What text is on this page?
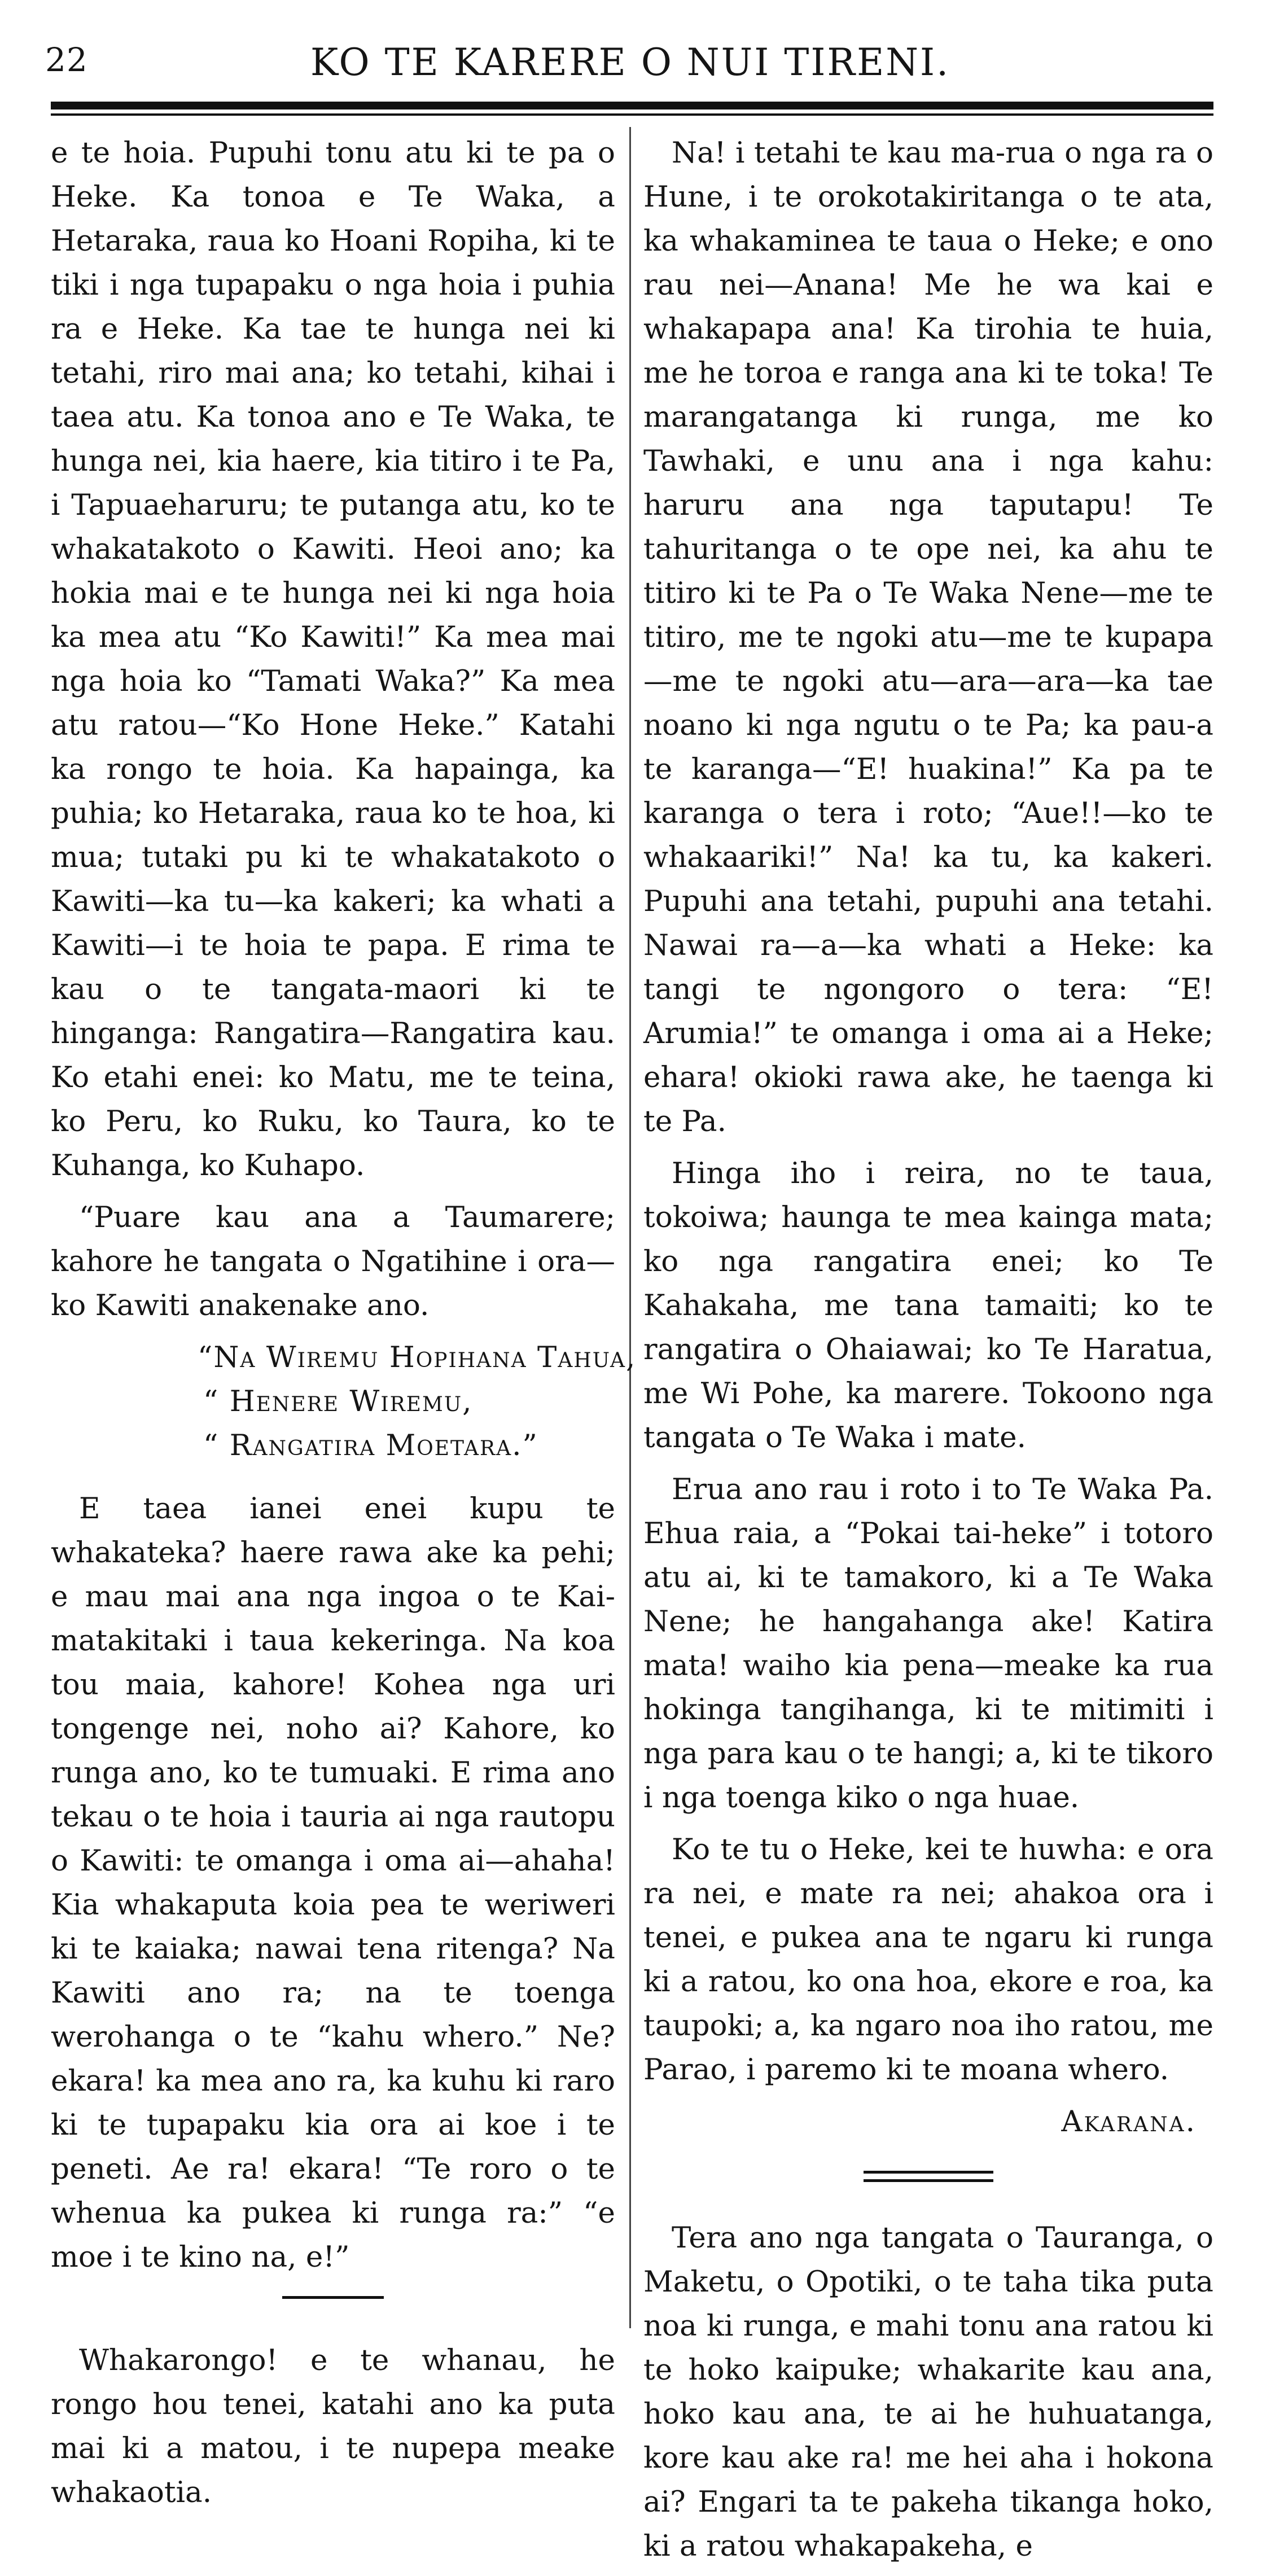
22	KO TE KARERE O NUI TIRENI.

e te hoia. Pupuhi tonu atu ki te pa o Heke. Ka tonoa e Te Waka, a Hetaraka, raua ko Hoani Ropiha, ki te tiki i nga tupapaku o nga hoia i puhia ra e Heke. Ka tae te hunga nei ki tetahi, riro mai ana; ko tetahi, kihai i taea atu. Ka tonoa ano e Te Waka, te hunga nei, kia haere, kia titiro i te Pa, i Tapuaeharuru; te putanga atu, ko te whakatakoto o Kawiti. Heoi ano; ka hokia mai e te hunga nei ki nga hoia ka mea atu “Ko Kawiti!” Ka mea mai nga hoia ko “Tamati Waka?” Ka mea atu ratou—“Ko Hone Heke.” Katahi ka rongo te hoia. Ka hapainga, ka puhia; ko Hetaraka, raua ko te hoa, ki mua; tutaki pu ki te whakatakoto o Kawiti—ka tu—ka kakeri; ka whati a Kawiti—i te hoia te papa. E rima te kau o te tangata-maori ki te hinganga: Rangatira—Rangatira kau. Ko etahi enei: ko Matu, me te teina, ko Peru, ko Ruku, ko Taura, ko te Kuhanga, ko Kuhapo.

“Puare kau ana a Taumarere; kahore he tangata o Ngatihine i ora—ko Kawiti anakenake ano.

“Na Wiremu Hopihana Tahua,
“ Henere Wiremu,
“ Rangatira Moetara.”

E taea ianei enei kupu te whakateka? haere rawa ake ka pehi; e mau mai ana nga ingoa o te Kai-matakitaki i taua kekeringa. Na koa tou maia, kahore! Kohea nga uri tongenge nei, noho ai? Kahore, ko runga ano, ko te tumuaki. E rima ano tekau o te hoia i tauria ai nga rautopu o Kawiti: te omanga i oma ai—ahaha! Kia whakaputa koia pea te weriweri ki te kaiaka; nawai tena ritenga? Na Kawiti ano ra; na te toenga werohanga o te “kahu whero.” Ne? ekara! ka mea ano ra, ka kuhu ki raro ki te tupapaku kia ora ai koe i te peneti. Ae ra! ekara! “Te roro o te whenua ka pukea ki runga ra:” “e moe i te kino na, e!”

Whakarongo! e te whanau, he rongo hou tenei, katahi ano ka puta mai ki a matou, i te nupepa meake whakaotia.

Na! i tetahi te kau ma-rua o nga ra o Hune, i te orokotakiritanga o te ata, ka whakaminea te taua o Heke; e ono rau nei—Anana! Me he wa kai e whakapapa ana! Ka tirohia te huia, me he toroa e ranga ana ki te toka! Te marangatanga ki runga, me ko Tawhaki, e unu ana i nga kahu: haruru ana nga taputapu! Te tahuritanga o te ope nei, ka ahu te titiro ki te Pa o Te Waka Nene—me te titiro, me te ngoki atu—me te kupapa—me te ngoki atu—ara—ara—ka tae noano ki nga ngutu o te Pa; ka pau-a te karanga—“E! huakina!” Ka pa te karanga o tera i roto; “Aue!!—ko te whakaariki!” Na! ka tu, ka kakeri. Pupuhi ana tetahi, pupuhi ana tetahi. Nawai ra—a—ka whati a Heke: ka tangi te ngongoro o tera: “E! Arumia!” te omanga i oma ai a Heke; ehara! okioki rawa ake, he taenga ki te Pa.

Hinga iho i reira, no te taua, tokoiwa; haunga te mea kainga mata; ko nga rangatira enei; ko Te Kahakaha, me tana tamaiti; ko te rangatira o Ohaiawai; ko Te Haratua, me Wi Pohe, ka marere. Tokoono nga tangata o Te Waka i mate.

Erua ano rau i roto i to Te Waka Pa. Ehua raia, a “Pokai tai-heke” i totoro atu ai, ki te tamakoro, ki a Te Waka Nene; he hangahanga ake! Katira mata! waiho kia pena—meake ka rua hokinga tangihanga, ki te mitimiti i nga para kau o te hangi; a, ki te tikoro i nga toenga kiko o nga huae.

Ko te tu o Heke, kei te huwha: e ora ra nei, e mate ra nei; ahakoa ora i tenei, e pukea ana te ngaru ki runga ki a ratou, ko ona hoa, ekore e roa, ka taupoki; a, ka ngaro noa iho ratou, me Parao, i paremo ki te moana whero.

Akarana.

Tera ano nga tangata o Tauranga, o Maketu, o Opotiki, o te taha tika puta noa ki runga, e mahi tonu ana ratou ki te hoko kaipuke; whakarite kau ana, hoko kau ana, te ai he huhuatanga, kore kau ake ra! me hei aha i hokona ai? Engari ta te pakeha tikanga hoko, ki a ratou whakapakeha, e
